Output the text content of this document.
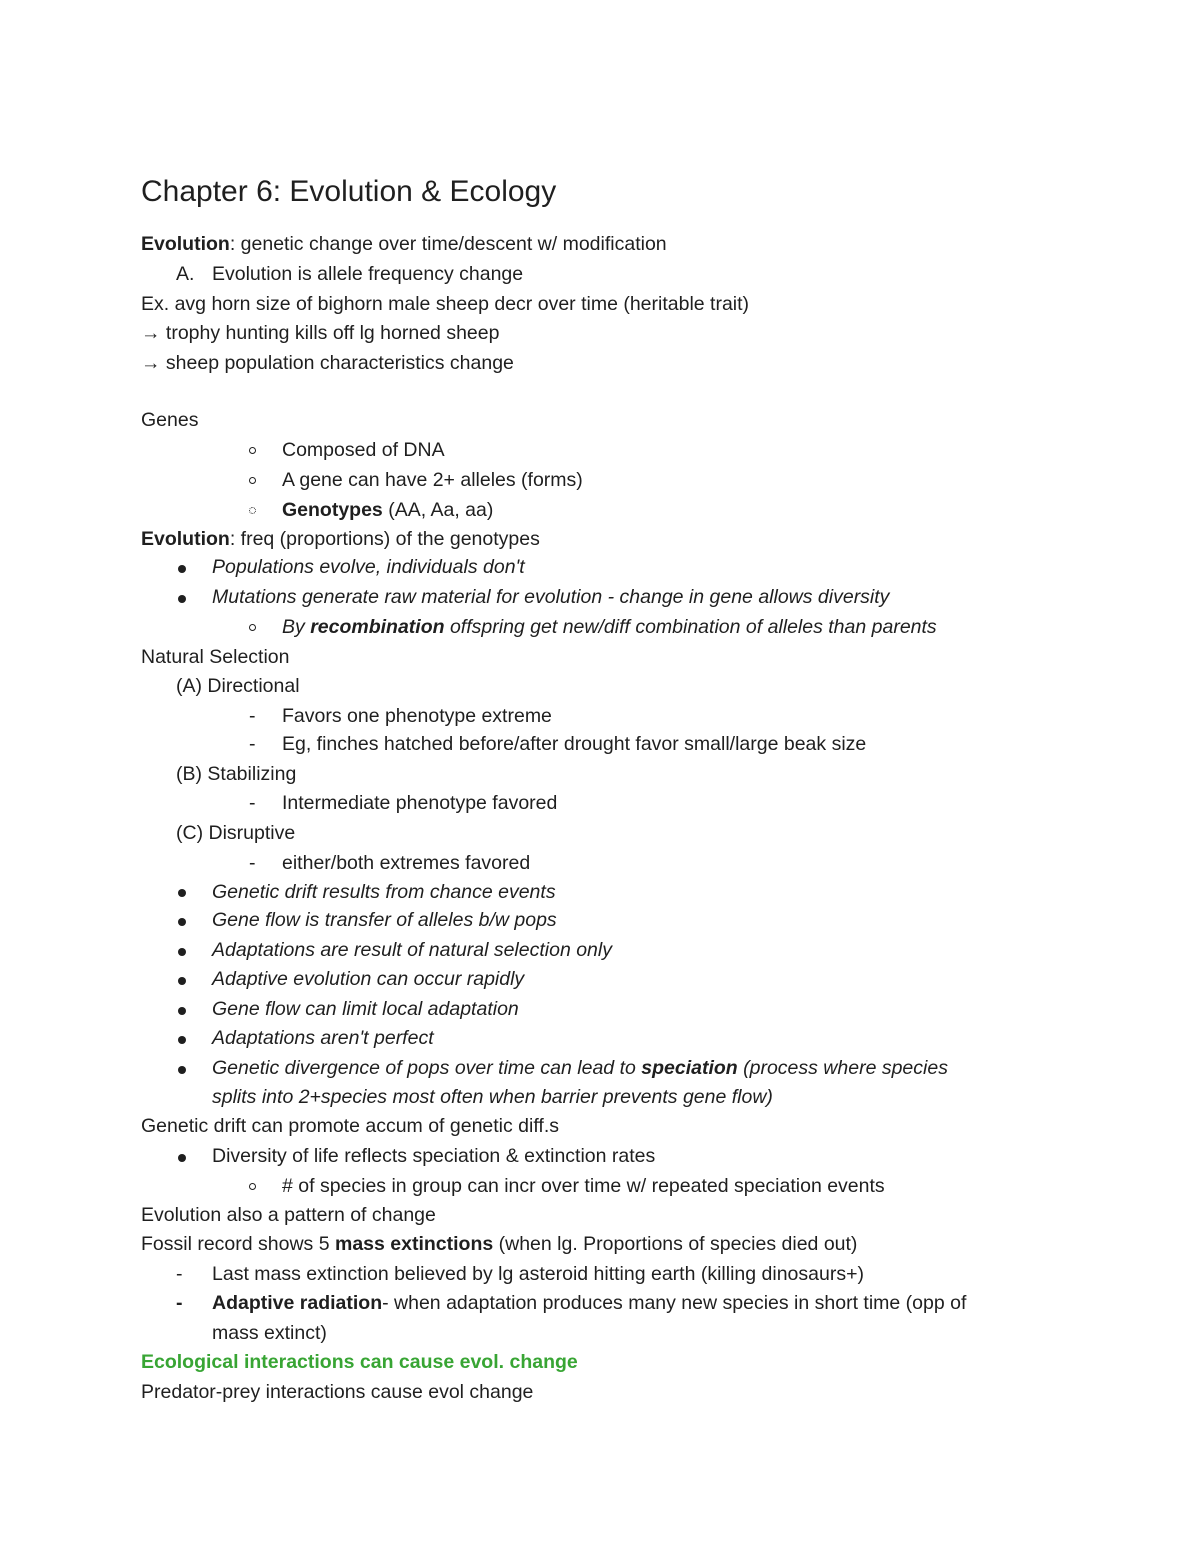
Chapter 6: Evolution & Ecology
Evolution: genetic change over time/descent w/ modification
A. Evolution is allele frequency change
Ex. avg horn size of bighorn male sheep decr over time (heritable trait)
→ trophy hunting kills off lg horned sheep
→ sheep population characteristics change
Genes
Composed of DNA
A gene can have 2+ alleles (forms)
Genotypes (AA, Aa, aa)
Evolution: freq (proportions) of the genotypes
Populations evolve, individuals don't
Mutations generate raw material for evolution - change in gene allows diversity
By recombination offspring get new/diff combination of alleles than parents
Natural Selection
(A) Directional
- Favors one phenotype extreme
- Eg, finches hatched before/after drought favor small/large beak size
(B) Stabilizing
- Intermediate phenotype favored
(C) Disruptive
- either/both extremes favored
Genetic drift results from chance events
Gene flow is transfer of alleles b/w pops
Adaptations are result of natural selection only
Adaptive evolution can occur rapidly
Gene flow can limit local adaptation
Adaptations aren't perfect
Genetic divergence of pops over time can lead to speciation (process where species
splits into 2+species most often when barrier prevents gene flow)
Genetic drift can promote accum of genetic diff.s
Diversity of life reflects speciation & extinction rates
# of species in group can incr over time w/ repeated speciation events
Evolution also a pattern of change
Fossil record shows 5 mass extinctions (when lg. Proportions of species died out)
- Last mass extinction believed by lg asteroid hitting earth (killing dinosaurs+)
- Adaptive radiation- when adaptation produces many new species in short time (opp of
mass extinct)
Ecological interactions can cause evol. change
Predator-prey interactions cause evol change
